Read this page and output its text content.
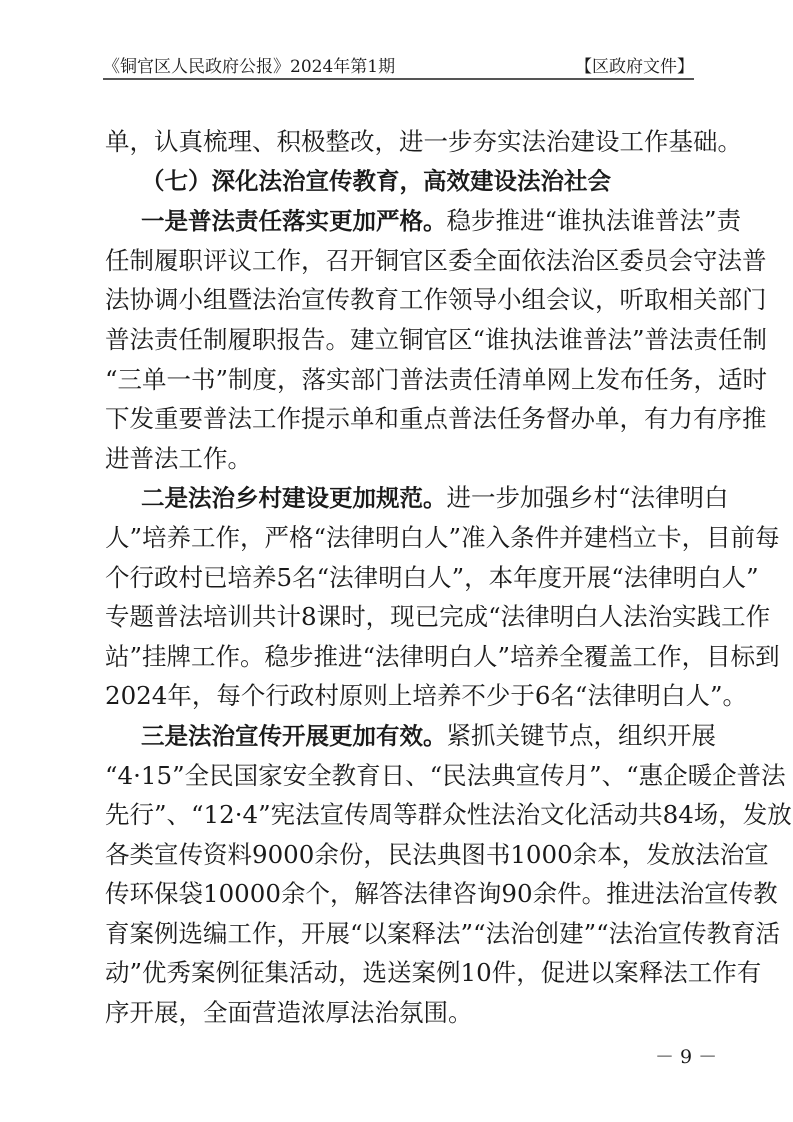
《铜官区人民政府公报》2024年第1期	【区政府文件】
单，认真梳理、积极整改，进一步夯实法治建设工作基础。
（七）深化法治宣传教育，高效建设法治社会
一是普法责任落实更加严格。稳步推进“谁执法谁普法”责
任制履职评议工作，召开铜官区委全面依法治区委员会守法普
法协调小组暨法治宣传教育工作领导小组会议，听取相关部门
普法责任制履职报告。建立铜官区“谁执法谁普法”普法责任制
“三单一书”制度，落实部门普法责任清单网上发布任务，适时
下发重要普法工作提示单和重点普法任务督办单，有力有序推
进普法工作。
二是法治乡村建设更加规范。进一步加强乡村“法律明白
人”培养工作，严格“法律明白人”准入条件并建档立卡，目前每
个行政村已培养5名“法律明白人”，本年度开展“法律明白人”
专题普法培训共计8课时，现已完成“法律明白人法治实践工作
站”挂牌工作。稳步推进“法律明白人”培养全覆盖工作，目标到
2024年，每个行政村原则上培养不少于6名“法律明白人”。
三是法治宣传开展更加有效。紧抓关键节点，组织开展
“4·15”全民国家安全教育日、“民法典宣传月”、“惠企暖企普法
先行”、“12·4”宪法宣传周等群众性法治文化活动共84场，发放
各类宣传资料9000余份，民法典图书1000余本，发放法治宣
传环保袋10000余个，解答法律咨询90余件。推进法治宣传教
育案例选编工作，开展“以案释法”“法治创建”“法治宣传教育活
动”优秀案例征集活动，选送案例10件，促进以案释法工作有
序开展，全面营造浓厚法治氛围。
－ 9 －
